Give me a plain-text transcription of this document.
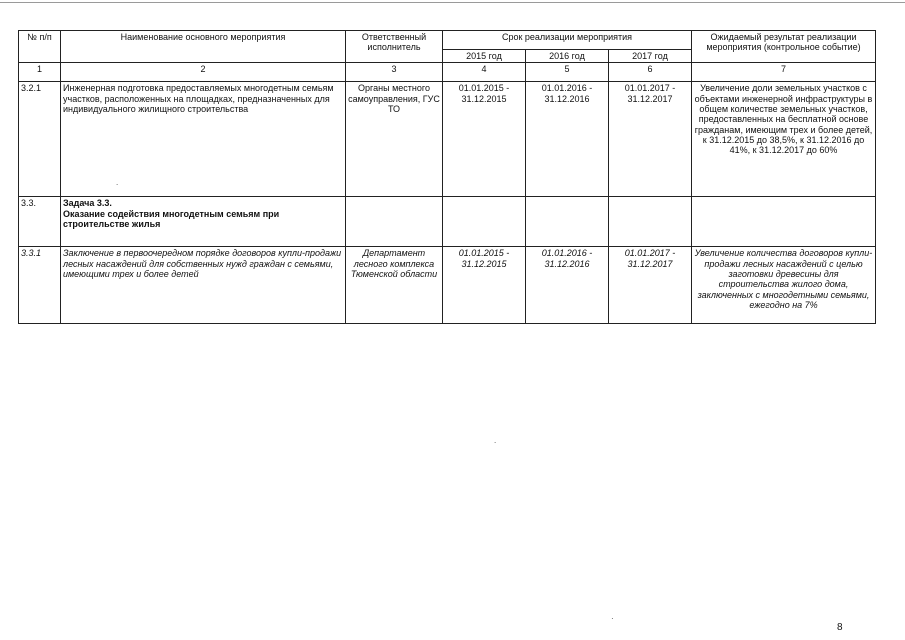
№ п/п	Наименование основного мероприятия	Ответственный исполнитель	Срок реализации мероприятия			Ожидаемый результат реализации мероприятия (контрольное событие)
			2015 год	2016 год	2017 год	
1	2	3	4	5	6	7
3.2.1	Инженерная подготовка предоставляемых многодетным семьям участков, расположенных на площадках, предназначенных для индивидуального жилищного строительства	Органы местного самоуправления, ГУС ТО	01.01.2015 - 31.12.2015	01.01.2016 - 31.12.2016	01.01.2017 - 31.12.2017	Увеличение доли земельных участков с объектами инженерной инфраструктуры в общем количестве земельных участков, предоставленных на бесплатной основе гражданам, имеющим трех и более детей, к 31.12.2015 до 38,5%, к 31.12.2016 до 41%, к 31.12.2017 до 60%
3.3.	Задача 3.3.
Оказание содействия многодетным семьям при строительстве жилья					

3.3.1	Заключение в первоочередном порядке договоров купли-продажи лесных насаждений для собственных нужд граждан с семьями, имеющими трех и более детей	Департамент лесного комплекса Тюменской области	01.01.2015 - 31.12.2015	01.01.2016 - 31.12.2016	01.01.2017 - 31.12.2017	Увеличение количества договоров купли-продажи лесных насаждений с целью заготовки древесины для строительства жилого дома, заключенных с многодетными семьями, ежегодно на 7%
.
.
·
8
